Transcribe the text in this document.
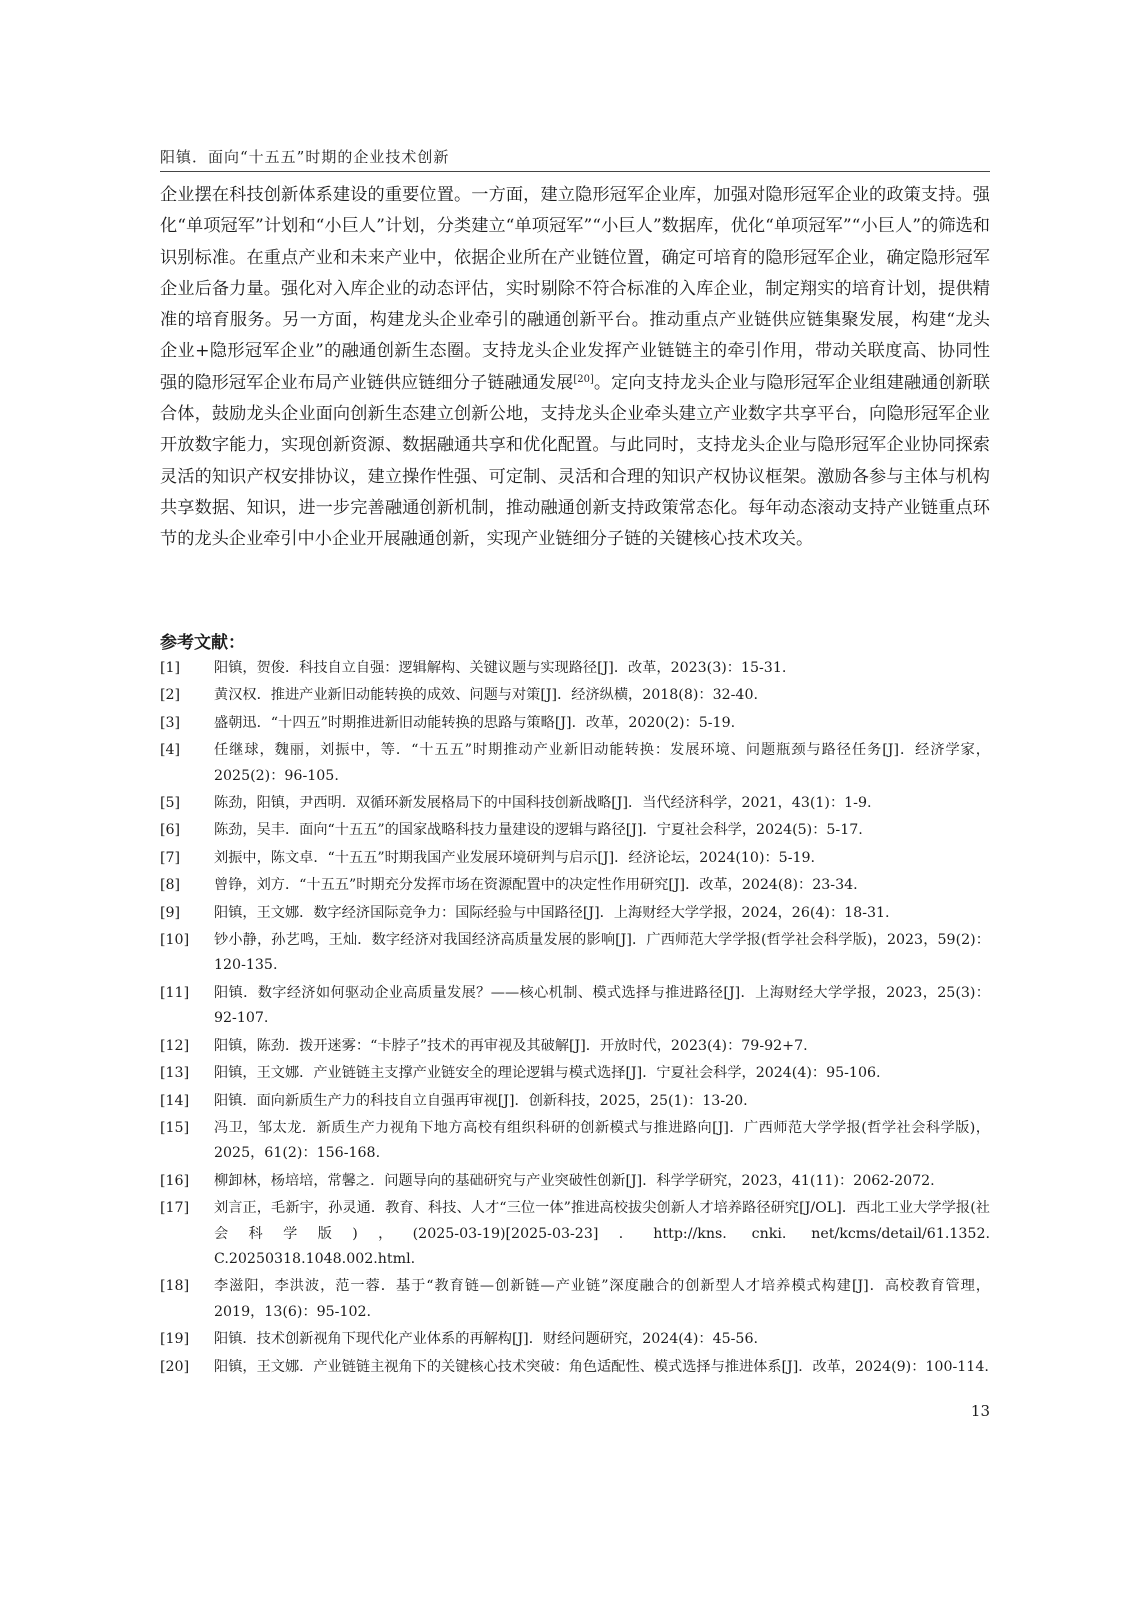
阳镇．面向“十五五”时期的企业技术创新

企业摆在科技创新体系建设的重要位置。一方面，建立隐形冠军企业库，加强对隐形冠军企业的政策支持。强化“单项冠军”计划和“小巨人”计划，分类建立“单项冠军”“小巨人”数据库，优化“单项冠军”“小巨人”的筛选和识别标准。在重点产业和未来产业中，依据企业所在产业链位置，确定可培育的隐形冠军企业，确定隐形冠军企业后备力量。强化对入库企业的动态评估，实时剔除不符合标准的入库企业，制定翔实的培育计划，提供精准的培育服务。另一方面，构建龙头企业牵引的融通创新平台。推动重点产业链供应链集聚发展，构建“龙头企业+隐形冠军企业”的融通创新生态圈。支持龙头企业发挥产业链链主的牵引作用，带动关联度高、协同性强的隐形冠军企业布局产业链供应链细分子链融通发展[20]。定向支持龙头企业与隐形冠军企业组建融通创新联合体，鼓励龙头企业面向创新生态建立创新公地，支持龙头企业牵头建立产业数字共享平台，向隐形冠军企业开放数字能力，实现创新资源、数据融通共享和优化配置。与此同时，支持龙头企业与隐形冠军企业协同探索灵活的知识产权安排协议，建立操作性强、可定制、灵活和合理的知识产权协议框架。激励各参与主体与机构共享数据、知识，进一步完善融通创新机制，推动融通创新支持政策常态化。每年动态滚动支持产业链重点环节的龙头企业牵引中小企业开展融通创新，实现产业链细分子链的关键核心技术攻关。

参考文献：
[1]	阳镇，贺俊．科技自立自强：逻辑解构、关键议题与实现路径[J]．改革，2023(3)：15-31.
[2]	黄汉权．推进产业新旧动能转换的成效、问题与对策[J]．经济纵横，2018(8)：32-40.
[3]	盛朝迅．“十四五”时期推进新旧动能转换的思路与策略[J]．改革，2020(2)：5-19.
[4]	任继球，魏丽，刘振中，等．“十五五”时期推动产业新旧动能转换：发展环境、问题瓶颈与路径任务[J]．经济学家，2025(2)：96-105.
[5]	陈劲，阳镇，尹西明．双循环新发展格局下的中国科技创新战略[J]．当代经济科学，2021，43(1)：1-9.
[6]	陈劲，吴丰．面向“十五五”的国家战略科技力量建设的逻辑与路径[J]．宁夏社会科学，2024(5)：5-17.
[7]	刘振中，陈文卓．“十五五”时期我国产业发展环境研判与启示[J]．经济论坛，2024(10)：5-19.
[8]	曾铮，刘方．“十五五”时期充分发挥市场在资源配置中的决定性作用研究[J]．改革，2024(8)：23-34.
[9]	阳镇，王文娜．数字经济国际竞争力：国际经验与中国路径[J]．上海财经大学学报，2024，26(4)：18-31.
[10]	钞小静，孙艺鸣，王灿．数字经济对我国经济高质量发展的影响[J]．广西师范大学学报(哲学社会科学版)，2023，59(2)：120-135.
[11]	阳镇．数字经济如何驱动企业高质量发展？——核心机制、模式选择与推进路径[J]．上海财经大学学报，2023，25(3)：92-107.
[12]	阳镇，陈劲．拨开迷雾：“卡脖子”技术的再审视及其破解[J]．开放时代，2023(4)：79-92+7.
[13]	阳镇，王文娜．产业链链主支撑产业链安全的理论逻辑与模式选择[J]．宁夏社会科学，2024(4)：95-106.
[14]	阳镇．面向新质生产力的科技自立自强再审视[J]．创新科技，2025，25(1)：13-20.
[15]	冯卫，邹太龙．新质生产力视角下地方高校有组织科研的创新模式与推进路向[J]．广西师范大学学报(哲学社会科学版)，2025，61(2)：156-168.
[16]	柳卸林，杨培培，常馨之．问题导向的基础研究与产业突破性创新[J]．科学学研究，2023，41(11)：2062-2072.
[17]	刘言正，毛新宇，孙灵通．教育、科技、人才“三位一体”推进高校拔尖创新人才培养路径研究[J/OL]．西北工业大学学报(社会科学版)，(2025-03-19)[2025-03-23]．http://kns. cnki. net/kcms/detail/61.1352. C.20250318.1048.002.html.
[18]	李滋阳，李洪波，范一蓉．基于“教育链—创新链—产业链”深度融合的创新型人才培养模式构建[J]．高校教育管理，2019，13(6)：95-102.
[19]	阳镇．技术创新视角下现代化产业体系的再解构[J]．财经问题研究，2024(4)：45-56.
[20]	阳镇，王文娜．产业链链主视角下的关键核心技术突破：角色适配性、模式选择与推进体系[J]．改革，2024(9)：100-114.
13
